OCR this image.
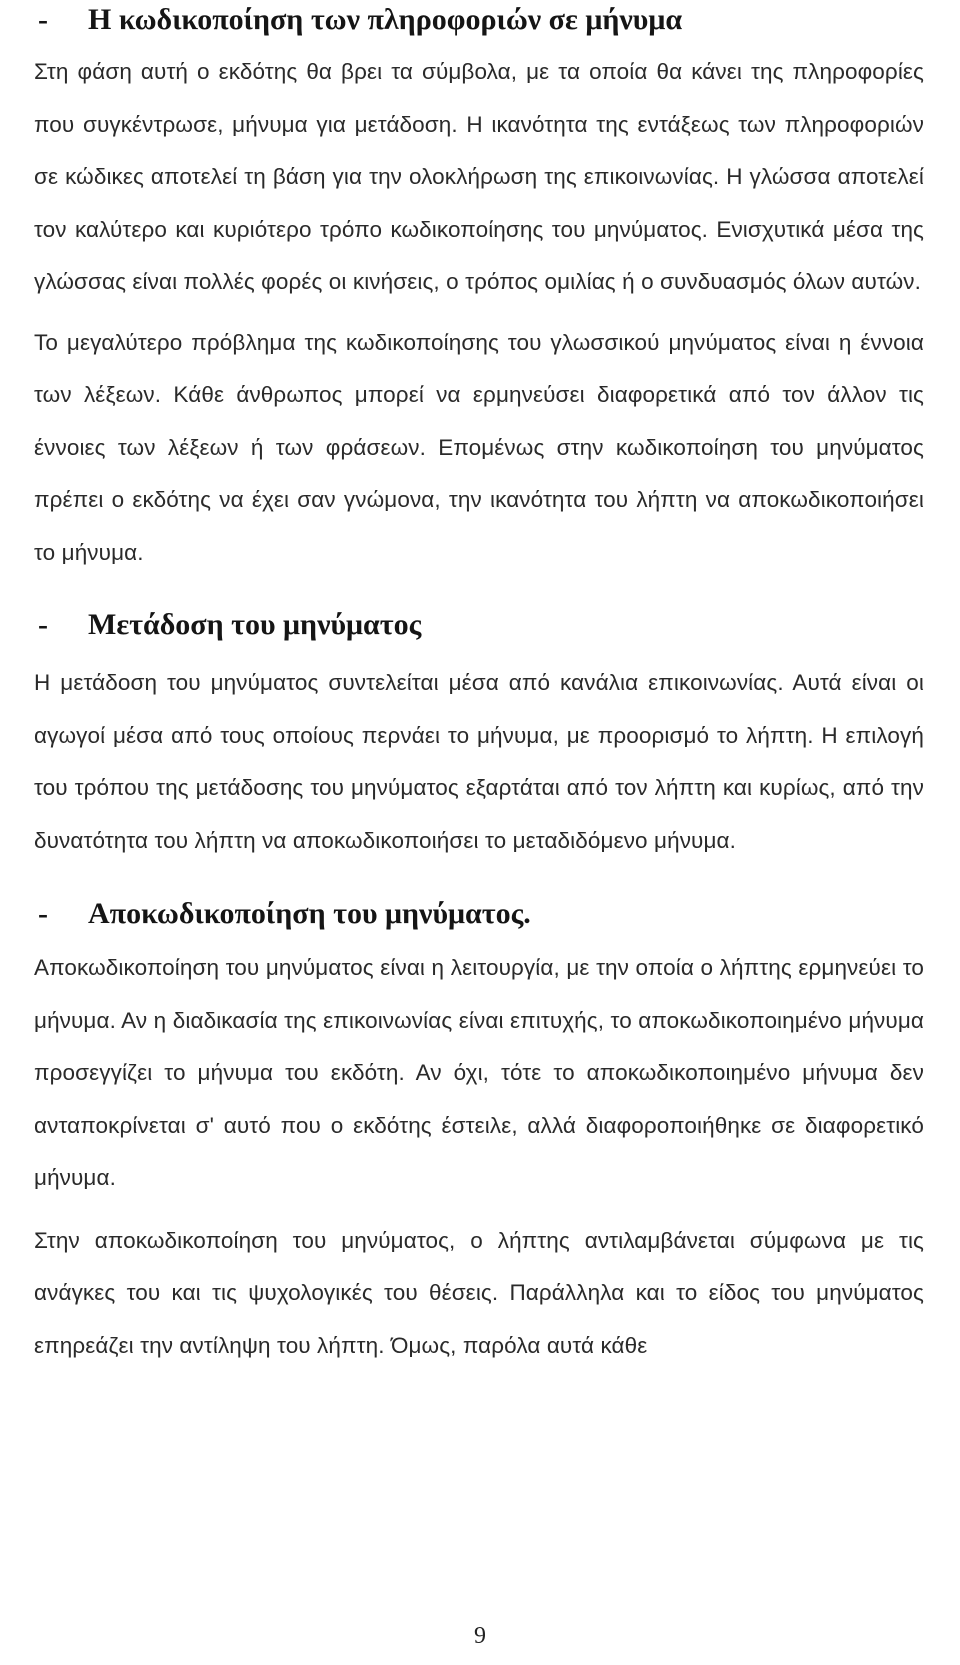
-	Η κωδικοποίηση των πληροφοριών σε μήνυμα

Στη φάση αυτή ο εκδότης θα βρει τα σύμβολα, με τα οποία θα κάνει της πληροφορίες που συγκέντρωσε, μήνυμα για μετάδοση. Η ικανότητα της εντάξεως των πληροφοριών σε κώδικες αποτελεί τη βάση για την ολοκλήρωση της επικοινωνίας. Η γλώσσα αποτελεί τον καλύτερο και κυριότερο τρόπο κωδικοποίησης του μηνύματος. Ενισχυτικά μέσα της γλώσσας είναι πολλές φορές οι κινήσεις, ο τρόπος ομιλίας ή ο συνδυασμός όλων αυτών.

Το μεγαλύτερο πρόβλημα της κωδικοποίησης του γλωσσικού μηνύματος είναι η έννοια των λέξεων. Κάθε άνθρωπος μπορεί να ερμηνεύσει διαφορετικά από τον άλλον τις έννοιες των λέξεων ή των φράσεων. Επομένως στην κωδικοποίηση του μηνύματος πρέπει ο εκδότης να έχει σαν γνώμονα, την ικανότητα του λήπτη να αποκωδικοποιήσει το μήνυμα.

-	Μετάδοση του μηνύματος

Η μετάδοση του μηνύματος συντελείται μέσα από κανάλια επικοινωνίας. Αυτά είναι οι αγωγοί μέσα από τους οποίους περνάει το μήνυμα, με προορισμό το λήπτη. Η επιλογή του τρόπου της μετάδοσης του μηνύματος εξαρτάται από τον λήπτη και κυρίως, από την δυνατότητα του λήπτη να αποκωδικοποιήσει το μεταδιδόμενο μήνυμα.

-	Αποκωδικοποίηση του μηνύματος.

Αποκωδικοποίηση του μηνύματος είναι η λειτουργία, με την οποία ο λήπτης ερμηνεύει το μήνυμα. Αν η διαδικασία της επικοινωνίας είναι επιτυχής, το αποκωδικοποιημένο μήνυμα προσεγγίζει το μήνυμα του εκδότη. Αν όχι, τότε το αποκωδικοποιημένο μήνυμα δεν ανταποκρίνεται σ' αυτό που ο εκδότης έστειλε, αλλά διαφοροποιήθηκε σε διαφορετικό μήνυμα.

Στην αποκωδικοποίηση του μηνύματος, ο λήπτης αντιλαμβάνεται σύμφωνα με τις ανάγκες του και τις ψυχολογικές του θέσεις. Παράλληλα και το είδος του μηνύματος επηρεάζει την αντίληψη του λήπτη. Όμως, παρόλα αυτά κάθε

9
